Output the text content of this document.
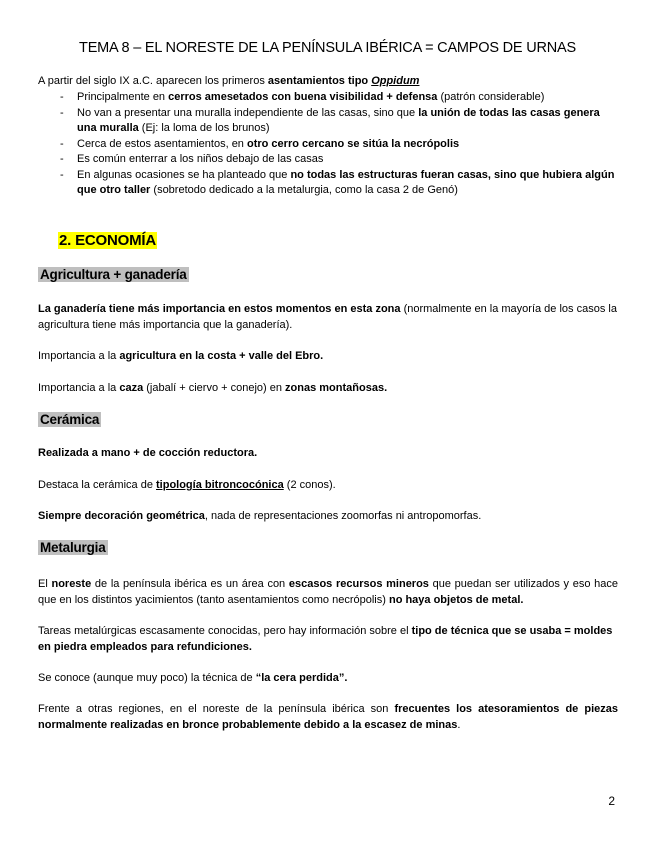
TEMA 8 – EL NORESTE DE LA PENÍNSULA IBÉRICA = CAMPOS DE URNAS

A partir del siglo IX a.C. aparecen los primeros asentamientos tipo Oppidum

- Principalmente en cerros amesetados con buena visibilidad + defensa (patrón considerable)
- No van a presentar una muralla independiente de las casas, sino que la unión de todas las casas genera una muralla (Ej: la loma de los brunos)
- Cerca de estos asentamientos, en otro cerro cercano se sitúa la necrópolis
- Es común enterrar a los niños debajo de las casas
- En algunas ocasiones se ha planteado que no todas las estructuras fueran casas, sino que hubiera algún que otro taller (sobretodo dedicado a la metalurgia, como la casa 2 de Genó)
2. ECONOMÍA
Agricultura + ganadería

La ganadería tiene más importancia en estos momentos en esta zona (normalmente en la mayoría de los casos la agricultura tiene más importancia que la ganadería).

Importancia a la agricultura en la costa + valle del Ebro.

Importancia a la caza (jabalí + ciervo + conejo) en zonas montañosas.

Cerámica

Realizada a mano + de cocción reductora.

Destaca la cerámica de tipología bitroncocónica (2 conos).

Siempre decoración geométrica, nada de representaciones zoomorfas ni antropomorfas.

Metalurgia

El noreste de la península ibérica es un área con escasos recursos mineros que puedan ser utilizados y eso hace que en los distintos yacimientos (tanto asentamientos como necrópolis) no haya objetos de metal.

Tareas metalúrgicas escasamente conocidas, pero hay información sobre el tipo de técnica que se usaba = moldes en piedra empleados para refundiciones.

Se conoce (aunque muy poco) la técnica de “la cera perdida”.

Frente a otras regiones, en el noreste de la península ibérica son frecuentes los atesoramientos de piezas normalmente realizadas en bronce probablemente debido a la escasez de minas.

2
